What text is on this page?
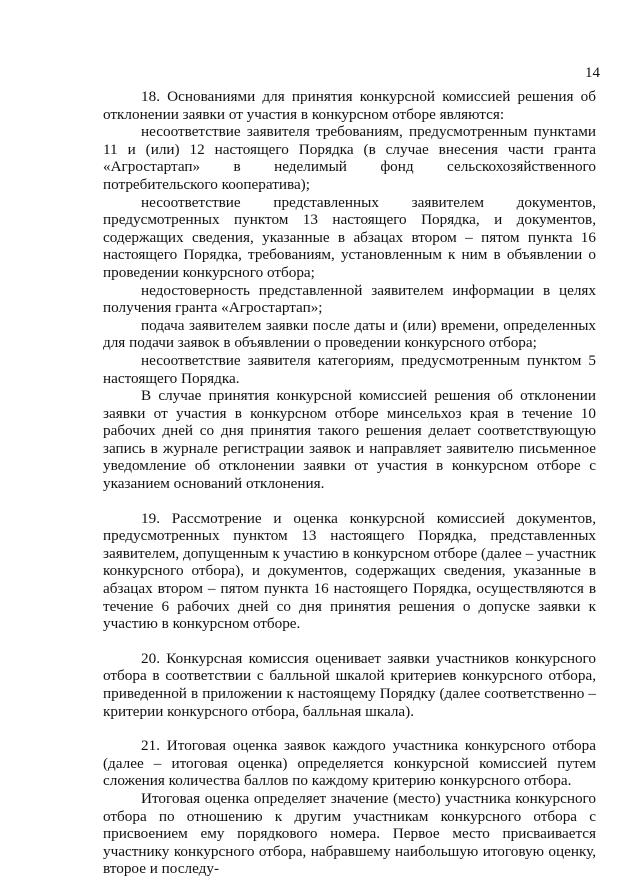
14

18. Основаниями для принятия конкурсной комиссией решения об отклонении заявки от участия в конкурсном отборе являются:

несоответствие заявителя требованиям, предусмотренным пунктами 11 и (или) 12 настоящего Порядка (в случае внесения части гранта «Агростартап» в неделимый фонд сельскохозяйственного потребительского кооператива);

несоответствие представленных заявителем документов, предусмотренных пунктом 13 настоящего Порядка, и документов, содержащих сведения, указанные в абзацах втором – пятом пункта 16 настоящего Порядка, требованиям, установленным к ним в объявлении о проведении конкурсного отбора;

недостоверность представленной заявителем информации в целях получения гранта «Агростартап»;

подача заявителем заявки после даты и (или) времени, определенных для подачи заявок в объявлении о проведении конкурсного отбора;

несоответствие заявителя категориям, предусмотренным пунктом 5 настоящего Порядка.

В случае принятия конкурсной комиссией решения об отклонении заявки от участия в конкурсном отборе минсельхоз края в течение 10 рабочих дней со дня принятия такого решения делает соответствующую запись в журнале регистрации заявок и направляет заявителю письменное уведомление об отклонении заявки от участия в конкурсном отборе с указанием оснований отклонения.

19. Рассмотрение и оценка конкурсной комиссией документов, предусмотренных пунктом 13 настоящего Порядка, представленных заявителем, допущенным к участию в конкурсном отборе (далее – участник конкурсного отбора), и документов, содержащих сведения, указанные в абзацах втором – пятом пункта 16 настоящего Порядка, осуществляются в течение 6 рабочих дней со дня принятия решения о допуске заявки к участию в конкурсном отборе.

20. Конкурсная комиссия оценивает заявки участников конкурсного отбора в соответствии с балльной шкалой критериев конкурсного отбора, приведенной в приложении к настоящему Порядку (далее соответственно – критерии конкурсного отбора, балльная шкала).

21. Итоговая оценка заявок каждого участника конкурсного отбора (далее – итоговая оценка) определяется конкурсной комиссией путем сложения количества баллов по каждому критерию конкурсного отбора.

Итоговая оценка определяет значение (место) участника конкурсного отбора по отношению к другим участникам конкурсного отбора с присвоением ему порядкового номера. Первое место присваивается участнику конкурсного отбора, набравшему наибольшую итоговую оценку, второе и последу-
